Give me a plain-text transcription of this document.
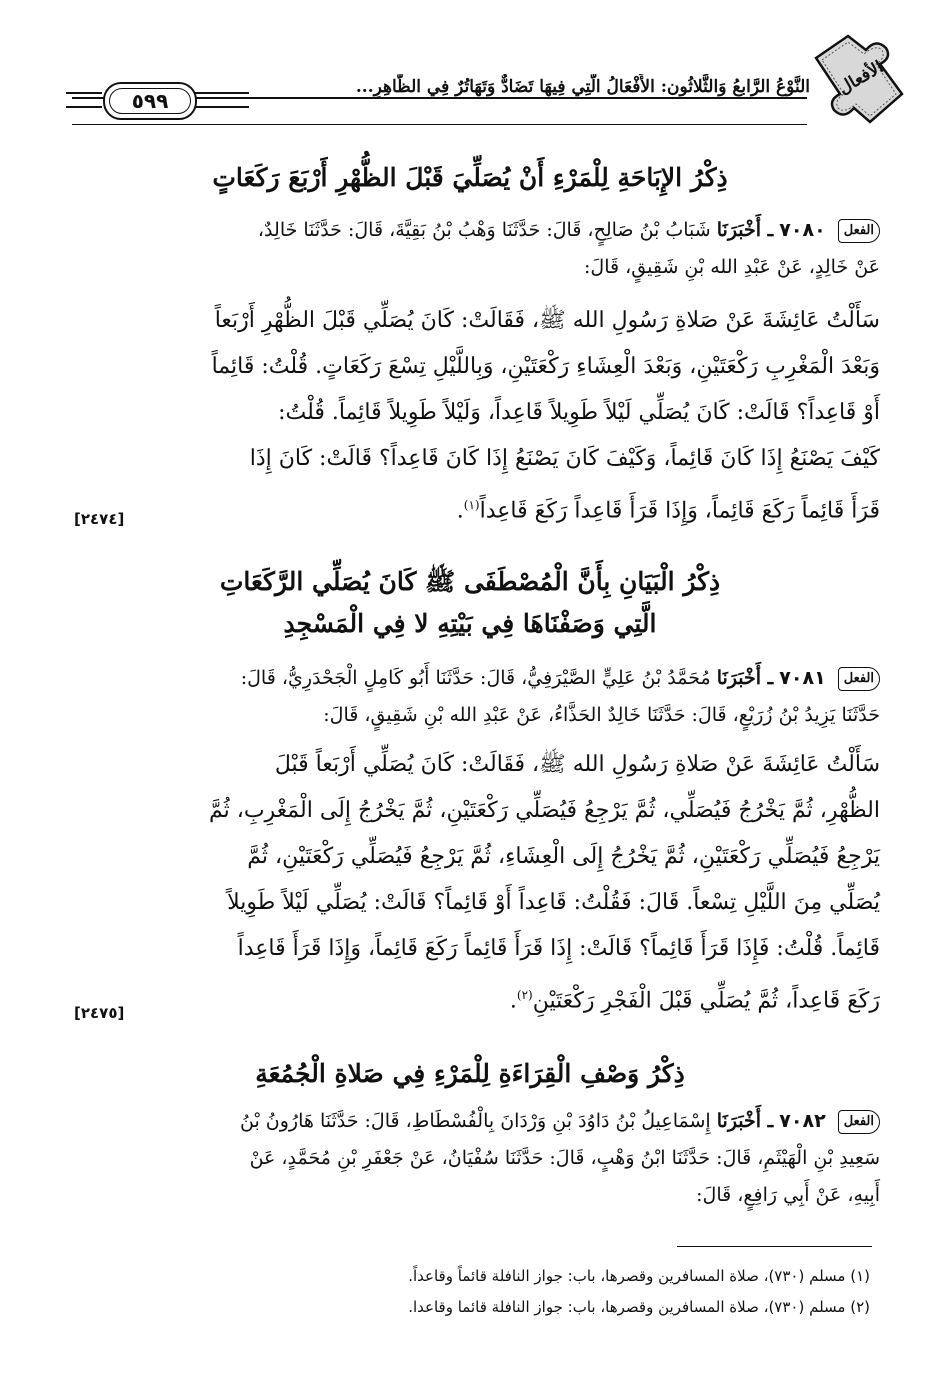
الأفعال
النَّوْعُ الرَّابعُ وَالثَّلاثُون: الأَفْعَالُ الَّتِي فِيهَا تَضَادٌّ وَتَهَاتُرٌ فِي الظَّاهِرِ...
٥٩٩
ذِكْرُ الإِبَاحَةِ لِلْمَرْءِ أَنْ يُصَلِّيَ قَبْلَ الظُّهْرِ أَرْبَعَ رَكَعَاتٍ
الفعل ٧٠٨٠ ـ أَخْبَرَنَا شَبَابُ بْنُ صَالِحٍ، قَالَ: حَدَّثَنَا وَهْبُ بْنُ بَقِيَّةَ، قَالَ: حَدَّثَنَا خَالِدٌ،
عَنْ خَالِدٍ، عَنْ عَبْدِ الله بْنِ شَقِيقٍ، قَالَ:
سَأَلْتُ عَائِشَةَ عَنْ صَلاةِ رَسُولِ الله ﷺ، فَقَالَتْ: كَانَ يُصَلِّي قَبْلَ الظُّهْرِ أَرْبَعاً
وَبَعْدَ الْمَغْرِبِ رَكْعَتَيْنِ، وَبَعْدَ الْعِشَاءِ رَكْعَتَيْنِ، وَبِاللَّيْلِ تِسْعَ رَكَعَاتٍ. قُلْتُ: قَائِماً
أَوْ قَاعِداً؟ قَالَتْ: كَانَ يُصَلِّي لَيْلاً طَوِيلاً قَاعِداً، وَلَيْلاً طَوِيلاً قَائِماً. قُلْتُ:
كَيْفَ يَصْنَعُ إِذَا كَانَ قَائِماً، وَكَيْفَ كَانَ يَصْنَعُ إِذَا كَانَ قَاعِداً؟ قَالَتْ: كَانَ إِذَا
قَرَأَ قَائِماً رَكَعَ قَائِماً، وَإِذَا قَرَأَ قَاعِداً رَكَعَ قَاعِداً$^{(١)}$.
[٢٤٧٤]
ذِكْرُ الْبَيَانِ بِأَنَّ الْمُصْطَفَى ﷺ كَانَ يُصَلِّي الرَّكَعَاتِ
الَّتِي وَصَفْنَاهَا فِي بَيْتِهِ لا فِي الْمَسْجِدِ
الفعل ٧٠٨١ ـ أَخْبَرَنَا مُحَمَّدُ بْنُ عَلِيٍّ الصَّيْرَفِيُّ، قَالَ: حَدَّثَنَا أَبُو كَامِلٍ الْجَحْدَرِيُّ، قَالَ:
حَدَّثَنَا يَزِيدُ بْنُ زُرَيْعٍ، قَالَ: حَدَّثَنَا خَالِدٌ الحَذَّاءُ، عَنْ عَبْدِ الله بْنِ شَقِيقٍ، قَالَ:
سَأَلْتُ عَائِشَةَ عَنْ صَلاةِ رَسُولِ الله ﷺ، فَقَالَتْ: كَانَ يُصَلِّي أَرْبَعاً قَبْلَ
الظُّهْرِ، ثُمَّ يَخْرُجُ فَيُصَلِّي، ثُمَّ يَرْجِعُ فَيُصَلِّي رَكْعَتَيْنِ، ثُمَّ يَخْرُجُ إِلَى الْمَغْرِبِ، ثُمَّ
يَرْجِعُ فَيُصَلِّي رَكْعَتَيْنِ، ثُمَّ يَخْرُجُ إِلَى الْعِشَاءِ، ثُمَّ يَرْجِعُ فَيُصَلِّي رَكْعَتَيْنِ، ثُمَّ
يُصَلِّي مِنَ اللَّيْلِ تِسْعاً. قَالَ: فَقُلْتُ: قَاعِداً أَوْ قَائِماً؟ قَالَتْ: يُصَلِّي لَيْلاً طَوِيلاً
قَائِماً. قُلْتُ: فَإِذَا قَرَأَ قَائِماً؟ قَالَتْ: إِذَا قَرَأَ قَائِماً رَكَعَ قَائِماً، وَإِذَا قَرَأَ قَاعِداً
رَكَعَ قَاعِداً، ثُمَّ يُصَلِّي قَبْلَ الْفَجْرِ رَكْعَتَيْنِ$^{(٢)}$.
[٢٤٧٥]
ذِكْرُ وَصْفِ الْقِرَاءَةِ لِلْمَرْءِ فِي صَلاةِ الْجُمُعَةِ
الفعل ٧٠٨٢ ـ أَخْبَرَنَا إِسْمَاعِيلُ بْنُ دَاوُدَ بْنِ وَرْدَانَ بِالْفُسْطَاطِ، قَالَ: حَدَّثَنَا هَارُونُ بْنُ
سَعِيدِ بْنِ الْهَيْثَمِ، قَالَ: حَدَّثَنَا ابْنُ وَهْبٍ، قَالَ: حَدَّثَنَا سُفْيَانُ، عَنْ جَعْفَرِ بْنِ مُحَمَّدٍ، عَنْ
أَبِيهِ، عَنْ أَبِي رَافِعٍ، قَالَ:
(١) مسلم (٧٣٠)، صلاة المسافرين وقصرها، باب: جواز النافلة قائماً وقاعداً.
(٢) مسلم (٧٣٠)، صلاة المسافرين وقصرها، باب: جواز النافلة قائما وقاعدا.
